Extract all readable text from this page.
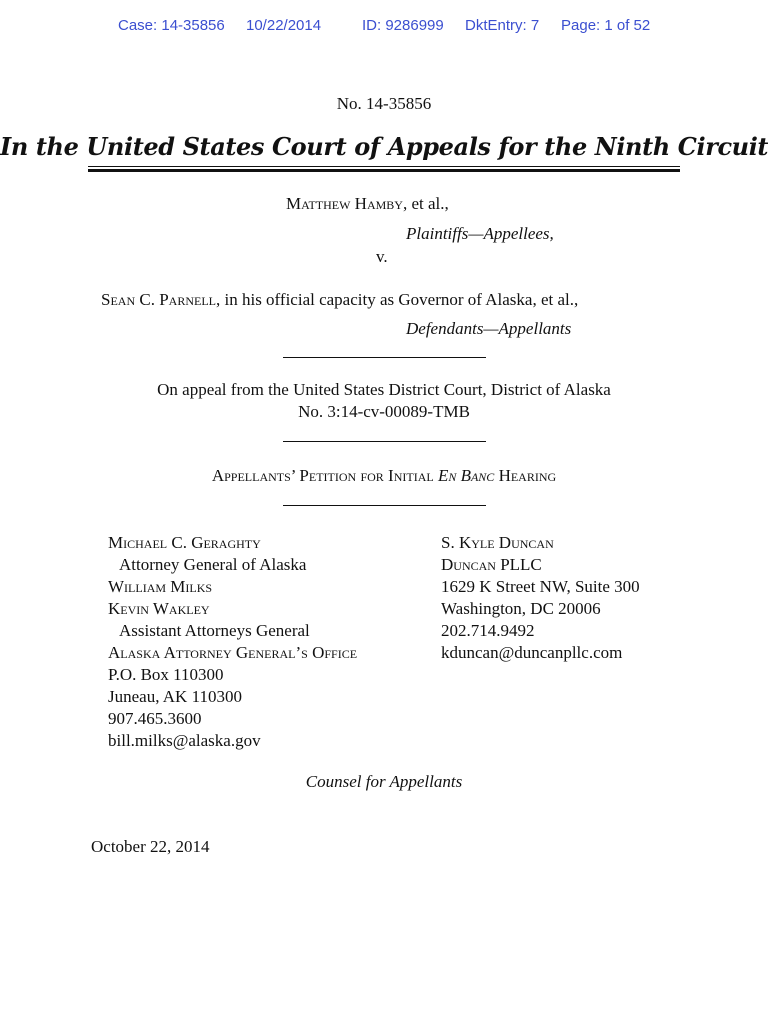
Case: 14-35856 10/22/2014	ID: 9286999 DktEntry: 7 Page: 1 of 52
No. 14-35856
In the United States Court of Appeals for the Ninth Circuit
Matthew Hamby, et al.,
Plaintiffs—Appellees,
v.
Sean C. Parnell, in his official capacity as Governor of Alaska, et al.,
Defendants—Appellants
On appeal from the United States District Court, District of Alaska
No. 3:14-cv-00089-TMB
Appellants’ Petition for Initial En Banc Hearing
Michael C. Geraghty
Attorney General of Alaska
William Milks
Kevin Wakley
Assistant Attorneys General
Alaska Attorney General’s Office
P.O. Box 110300
Juneau, AK 110300
907.465.3600
bill.milks@alaska.gov
S. Kyle Duncan
Duncan PLLC
1629 K Street NW, Suite 300
Washington, DC 20006
202.714.9492
kduncan@duncanpllc.com
Counsel for Appellants
October 22, 2014
